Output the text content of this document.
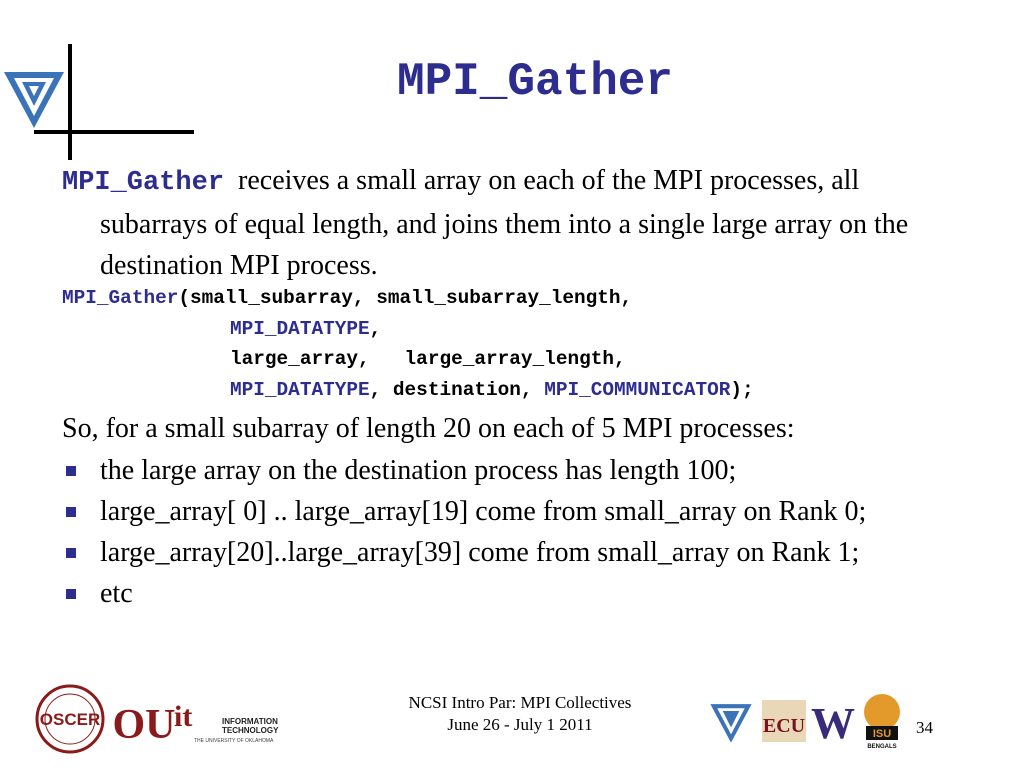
MPI_Gather

MPI_Gather receives a small array on each of the MPI processes, all subarrays of equal length, and joins them into a single large array on the destination MPI process.

MPI_Gather(small_subarray, small_subarray_length,
MPI_DATATYPE,
large_array,   large_array_length,
MPI_DATATYPE, destination, MPI_COMMUNICATOR);
So, for a small subarray of length 20 on each of 5 MPI processes:
the large array on the destination process has length 100;
large_array[ 0] .. large_array[19] come from small_array on Rank 0;
large_array[20]..large_array[39] come from small_array on Rank 1;
etc
OSCER OU
it	INFORMATION
TECHNOLOGY
THE UNIVERSITY OF OKLAHOMA
NCSI Intro Par: MPI Collectives
June 26 - July 1 2011	ECU W ISU
BENGALS
34
